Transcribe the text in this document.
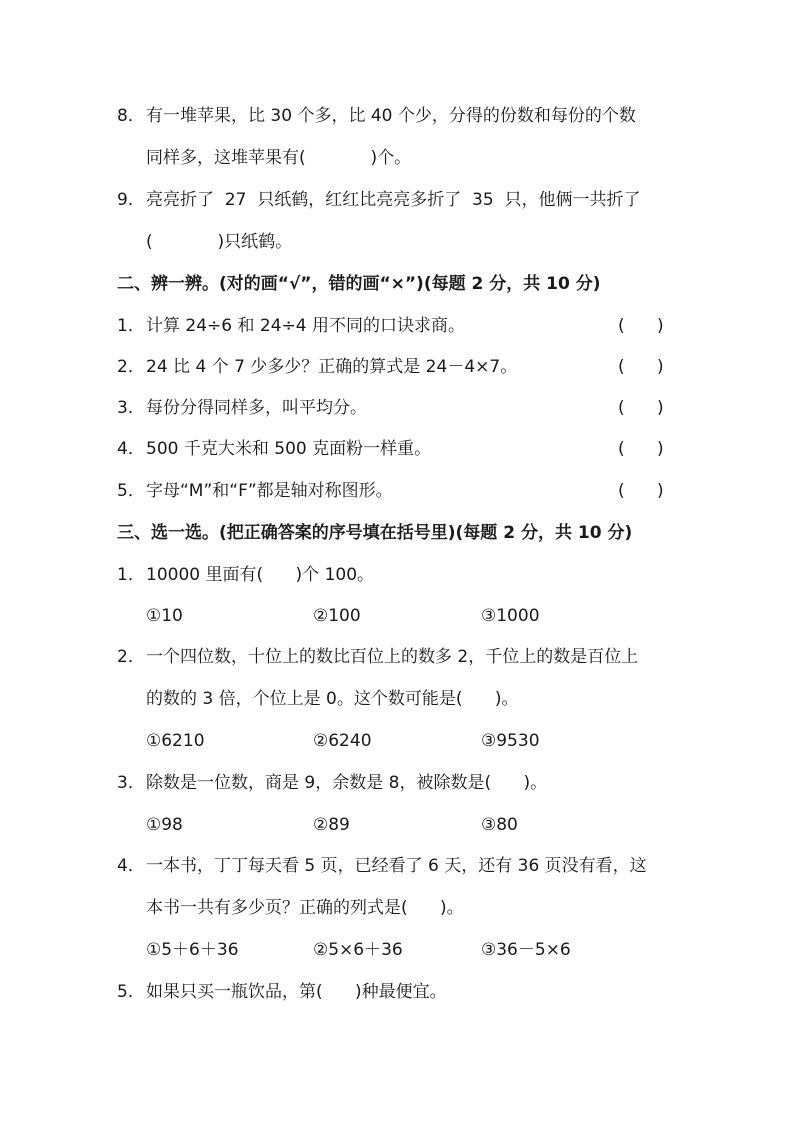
8．

有一堆苹果，比 30 个多，比 40 个少，分得的份数和每份的个数

同样多，这堆苹果有(            )个。

9．

亮亮折了  27  只纸鹤，红红比亮亮多折了  35  只，他俩一共折了

(            )只纸鹤。

二、辨一辨。(对的画“√”，错的画“×”)(每题 2 分，共 10 分)

1．

计算 24÷6 和 24÷4 用不同的口诀求商。

	(      )

2．

24 比 4 个 7 少多少？正确的算式是 24－4×7。

	(      )

3．

每份分得同样多，叫平均分。

	(      )

4．

500 千克大米和 500 克面粉一样重。

	(      )

5．

字母“M”和“F”都是轴对称图形。

	(      )

三、选一选。(把正确答案的序号填在括号里)(每题 2 分，共 10 分)

1．

10000 里面有(      )个 100。

①10

	②100

	③1000

2．

一个四位数，十位上的数比百位上的数多 2，千位上的数是百位上

的数的 3 倍，个位上是 0。这个数可能是(      )。

①6210

	②6240

	③9530

3．

除数是一位数，商是 9，余数是 8，被除数是(      )。

①98

	②89

	③80

4．

一本书，丁丁每天看 5 页，已经看了 6 天，还有 36 页没有看，这

本书一共有多少页？正确的列式是(      )。

①5＋6＋36

	②5×6＋36

	③36－5×6

5．

如果只买一瓶饮品，第(      )种最便宜。
